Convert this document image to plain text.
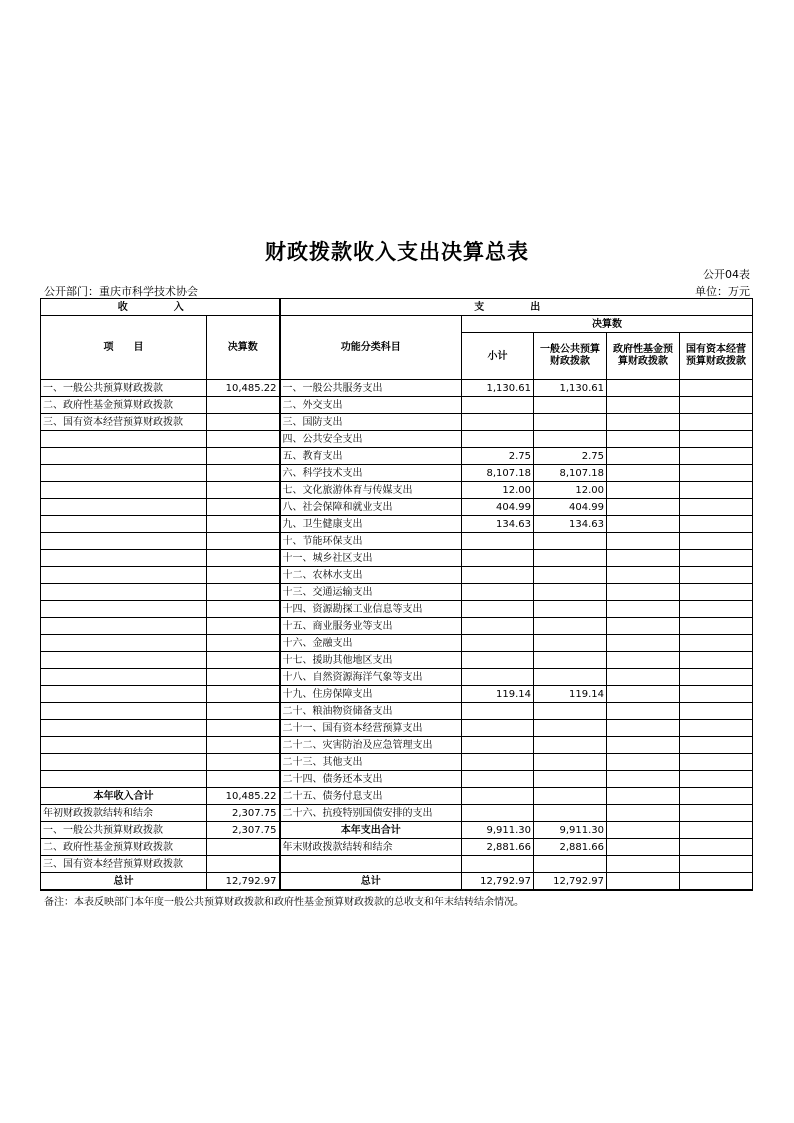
财政拨款收入支出决算总表
公开04表
公开部门：重庆市科学技术协会	单位：万元
收　入		支　出				
项　　目	决算数	功能分类科目	决算数			
			小计	一般公共预算财政拨款	政府性基金预算财政拨款	国有资本经营预算财政拨款
一、一般公共预算财政拨款	10,485.22	一、一般公共服务支出	1,130.61	1,130.61		
二、政府性基金预算财政拨款		二、外交支出				
三、国有资本经营预算财政拨款		三、国防支出				
		四、公共安全支出				
		五、教育支出	2.75	2.75		
		六、科学技术支出	8,107.18	8,107.18		
		七、文化旅游体育与传媒支出	12.00	12.00		
		八、社会保障和就业支出	404.99	404.99		
		九、卫生健康支出	134.63	134.63		
		十、节能环保支出				
		十一、城乡社区支出				
		十二、农林水支出				
		十三、交通运输支出				
		十四、资源勘探工业信息等支出				
		十五、商业服务业等支出				
		十六、金融支出				
		十七、援助其他地区支出				
		十八、自然资源海洋气象等支出				
		十九、住房保障支出	119.14	119.14		
		二十、粮油物资储备支出				
		二十一、国有资本经营预算支出				
		二十二、灾害防治及应急管理支出				
		二十三、其他支出				
		二十四、债务还本支出				
本年收入合计	10,485.22	二十五、债务付息支出				
年初财政拨款结转和结余	2,307.75	二十六、抗疫特别国债安排的支出				
一、一般公共预算财政拨款	2,307.75	本年支出合计	9,911.30	9,911.30		
二、政府性基金预算财政拨款		年末财政拨款结转和结余	2,881.66	2,881.66		
三、国有资本经营预算财政拨款						
总计	12,792.97	总计	12,792.97	12,792.97		
备注：本表反映部门本年度一般公共预算财政拨款和政府性基金预算财政拨款的总收支和年末结转结余情况。
